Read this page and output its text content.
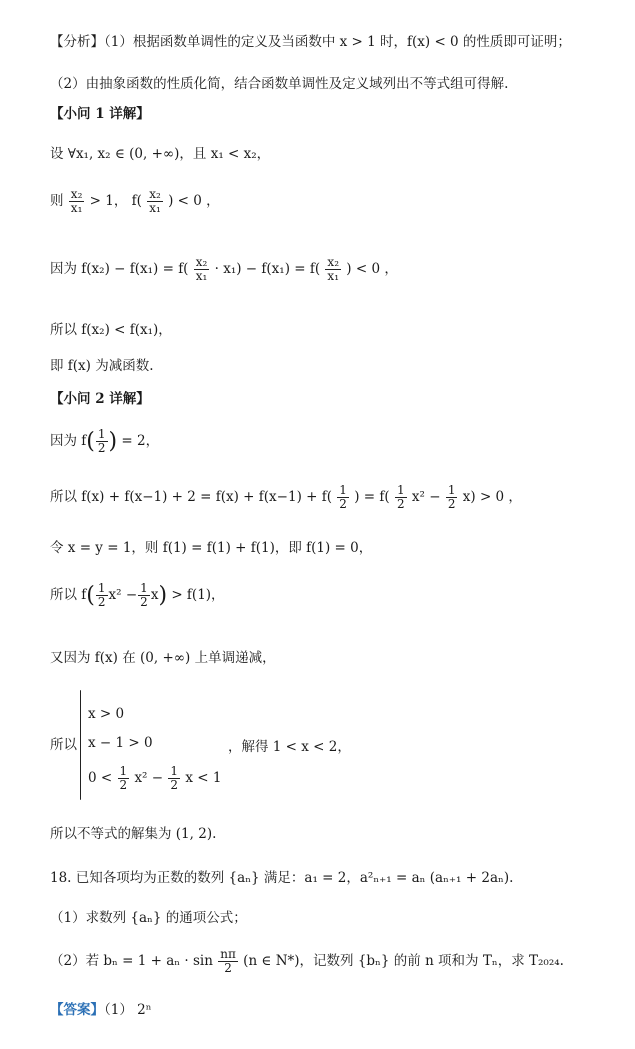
【分析】（1）根据函数单调性的定义及当函数中 x > 1 时，f(x) < 0 的性质即可证明；
（2）由抽象函数的性质化简，结合函数单调性及定义域列出不等式组可得解.
【小问 1 详解】
设 ∀x₁, x₂ ∈ (0, +∞)，且 x₁ < x₂，
则 $\frac{\text{x₂}}{\text{x₁}} > 1$， $f( \frac{\text{x₂}}{\text{x₁}}$ ) < 0 ，
因为 $f(x_2) - f(x_1) = f( \frac{\text{x₂}}{\text{x₁}} \cdot x_1) - f(x_1) = f( \frac{\text{x₂}}{\text{x₁}}$ ) < 0 ，
所以 f(x₂) < f(x₁)，
即 f(x) 为减函数.
【小问 2 详解】
因为 $f( \frac{1}{2}$ ) = 2，
所以 $f(x) + f(x-1) + 2 = f(x) + f(x-1) + f( \frac{1}{2}$ ) = $f( \frac{1}{2} x^2 - \frac{1}{2} x) > 0$ ，
令 x = y = 1，则 f(1) = f(1) + f(1)，即 f(1) = 0，
所以 $f( \frac{1}{2} x^2 - \frac{1}{2} x) > f(1)$，
又因为 f(x) 在 (0, +∞) 上单调递减，
所以
x > 0
x − 1 > 0
$0 < \frac{1}{2} x^2 - \frac{1}{2}$ x < 1
，解得 1 < x < 2，
所以不等式的解集为 (1, 2).
18. 已知各项均为正数的数列 {aₙ} 满足：a₁ = 2，a²ₙ₊₁ = aₙ (aₙ₊₁ + 2aₙ).
（1）求数列 {aₙ} 的通项公式；
（2）若 $b_n = 1 + a_n \cdot \sin \frac{n\pi}{2} (n$ ∈ N*)，记数列 {bₙ} 的前 n 项和为 Tₙ，求 T₂₀₂₄.
【答案】（1） 2ⁿ
